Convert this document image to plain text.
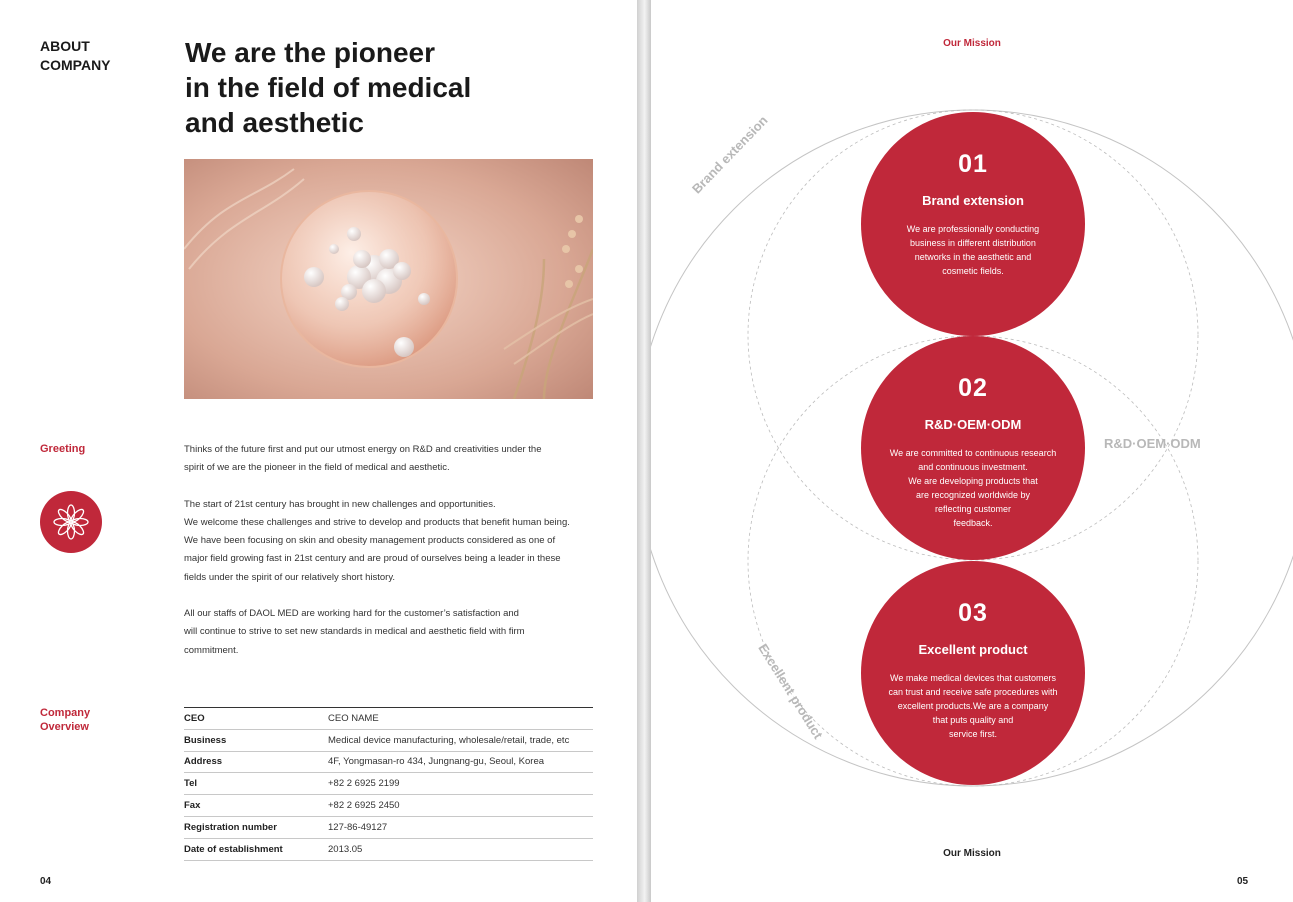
ABOUT
COMPANY	We are the pioneer
in the field of medical
and aesthetic
Greeting	Thinks of the future first and put our utmost energy on R&D and creativities under the
spirit of we are the pioneer in the field of medical and aesthetic.

The start of 21st century has brought in new challenges and opportunities.
We welcome these challenges and strive to develop and products that benefit human being.
We have been focusing on skin and obesity management products considered as one of
major field growing fast in 21st century and are proud of ourselves being a leader in these
fields under the spirit of our relatively short history.

All our staffs of DAOL MED are working hard for the customer’s satisfaction and
will continue to strive to set new standards in medical and aesthetic field with firm
commitment.

Company
Overview
CEO	CEO NAME
Business	Medical device manufacturing, wholesale/retail, trade, etc
Address	4F, Yongmasan-ro 434, Jungnang-gu, Seoul, Korea
Tel	+82 2 6925 2199
Fax	+82 2 6925 2450
Registration number	127-86-49127
Date of establishment	2013.05
04
Our Mission
Brand extension
R&D·OEM·ODM
Excellent product
01
Brand extension
We are professionally conducting
business in different distribution
networks in the aesthetic and
cosmetic fields.
02
R&D·OEM·ODM
We are committed to continuous research
and continuous investment.
We are developing products that
are recognized worldwide by
reflecting customer
feedback.
03
Excellent product
We make medical devices that customers
can trust and receive safe procedures with
excellent products.We are a company
that puts quality and
service first.
Our Mission
05
